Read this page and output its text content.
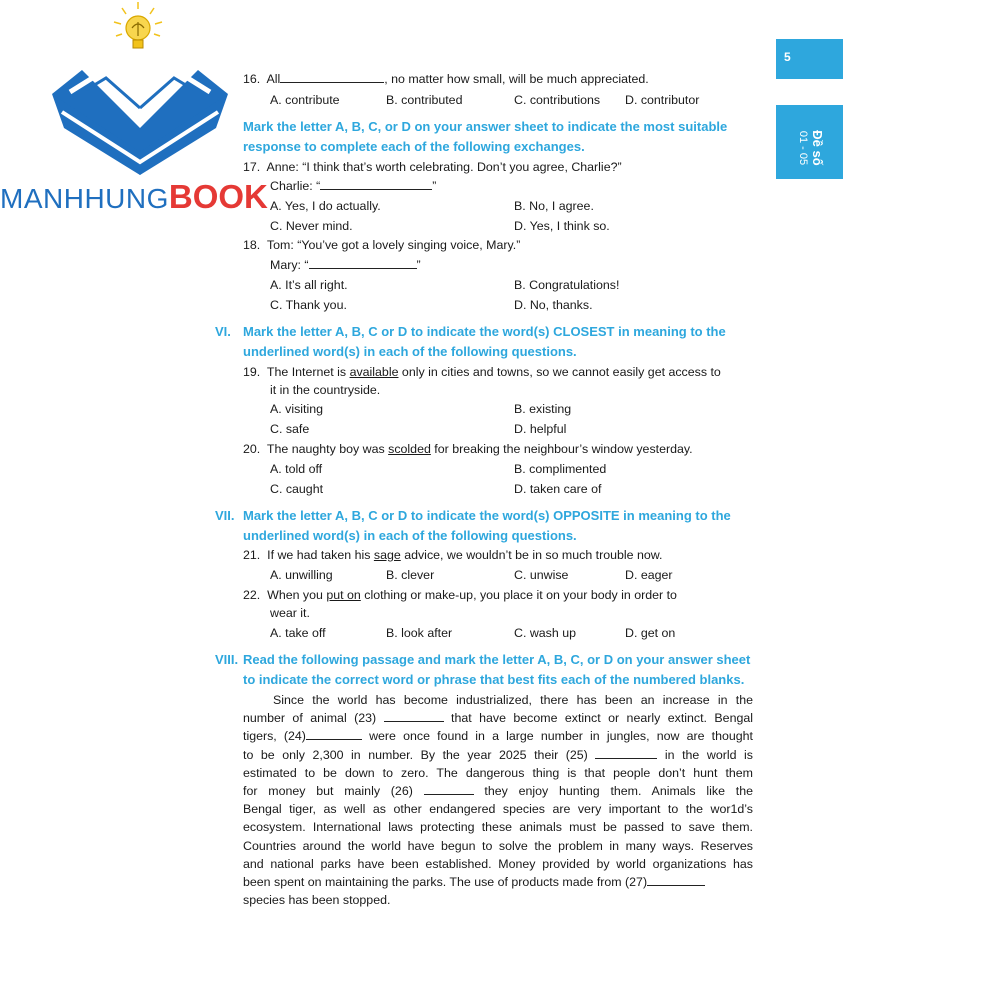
MANHHUNGBOOK
5
Đề số
01 - 05
16. All	, no matter how small, will be much appreciated.
A. contribute	B. contributed	C. contributions D. contributor
Mark the letter A, B, C, or D on your answer sheet to indicate the most suitable
response to complete each of the following exchanges.
17. Anne: “I think that’s worth celebrating. Don’t you agree, Charlie?”
Charlie: “	”
A. Yes, I do actually.	B. No, I agree.
C. Never mind.	D. Yes, I think so.
18. Tom: “You’ve got a lovely singing voice, Mary.”
Mary: “	”
A. It’s all right.	B. Congratulations!
C. Thank you.	D. No, thanks.
VI. Mark the letter A, B, C or D to indicate the word(s) CLOSEST in meaning to the
underlined word(s) in each of the following questions.
19. The Internet is available only in cities and towns, so we cannot easily get access to
it in the countryside.
A. visiting	B. existing
C. safe	D. helpful
20. The naughty boy was scolded for breaking the neighbour’s window yesterday.
A. told off	B. complimented
C. caught	D. taken care of
VII. Mark the letter A, B, C or D to indicate the word(s) OPPOSITE in meaning to the
underlined word(s) in each of the following questions.
21. If we had taken his sage advice, we wouldn’t be in so much trouble now.
A. unwilling	B. clever	C. unwise	D. eager
22. When you put on clothing or make-up, you place it on your body in order to
wear it.
A. take off	B. look after	C. wash up	D. get on
VIII. Read the following passage and mark the letter A, B, C, or D on your answer sheet
to indicate the correct word or phrase that best fits each of the numbered blanks.
Since the world has become industrialized, there has been an increase in the
number of animal (23)	that have become extinct or nearly extinct. Bengal
tigers, (24)	were once found in a large number in jungles, now are thought
to be only 2,300 in number. By the year 2025 their (25)	in the world is
estimated to be down to zero. The dangerous thing is that people don’t hunt them
for money but mainly (26)	they enjoy hunting them. Animals like the
Bengal tiger, as well as other endangered species are very important to the wor1d’s
ecosystem. International laws protecting these animals must be passed to save them.
Countries around the world have begun to solve the problem in many ways. Reserves
and national parks have been established. Money provided by world organizations has
been spent on maintaining the parks. The use of products made from (27)
species has been stopped.
